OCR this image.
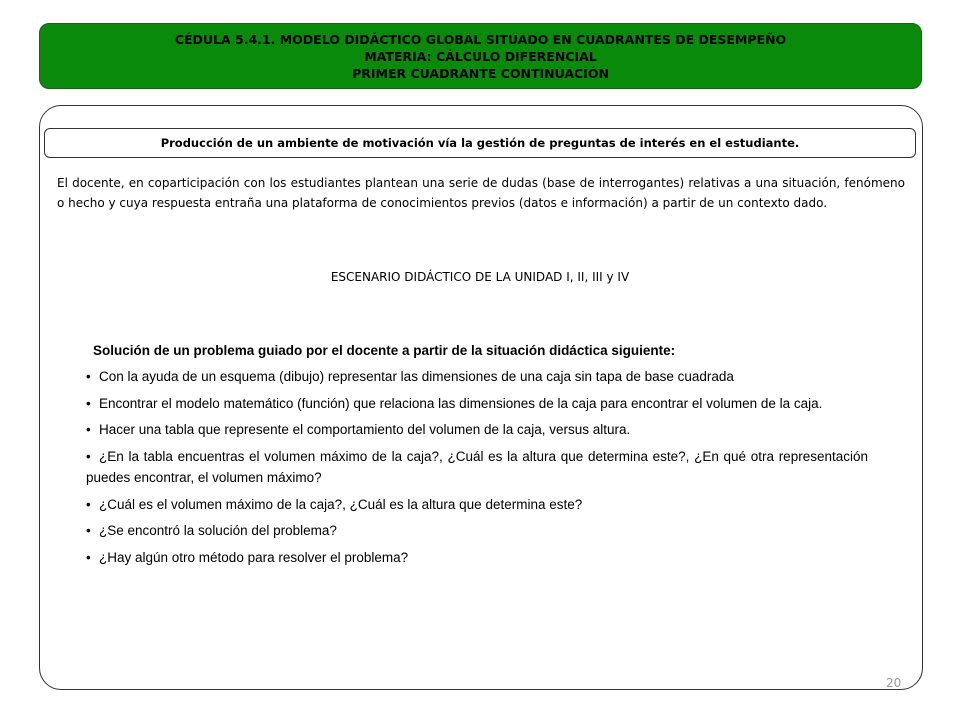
CÉDULA 5.4.1. MODELO DIDÁCTICO GLOBAL SITUADO EN CUADRANTES DE DESEMPEÑO
MATERIA: CÁLCULO DIFERENCIAL
PRIMER CUADRANTE CONTINUACIÓN
Producción de un ambiente de motivación vía la gestión de preguntas de interés en el estudiante.

El docente, en coparticipación con los estudiantes plantean una serie de dudas (base de interrogantes) relativas a una situación, fenómeno o hecho y cuya respuesta entraña una plataforma de conocimientos previos (datos e información) a partir de un contexto dado.

ESCENARIO DIDÁCTICO DE LA UNIDAD I, II, III y IV
Solución de un problema guiado por el docente a partir de la situación didáctica siguiente:
• Con la ayuda de un esquema (dibujo) representar las dimensiones de una caja sin tapa de base cuadrada
• Encontrar el modelo matemático (función) que relaciona las dimensiones de la caja para encontrar el volumen de la caja.
• Hacer una tabla que represente el comportamiento del volumen de la caja, versus altura.
• ¿En la tabla encuentras el volumen máximo de la caja?, ¿Cuál es la altura que determina este?, ¿En qué otra representación puedes encontrar, el volumen máximo?
• ¿Cuál es el volumen máximo de la caja?, ¿Cuál es la altura que determina este?
• ¿Se encontró la solución del problema?
• ¿Hay algún otro método para resolver el problema?
20
